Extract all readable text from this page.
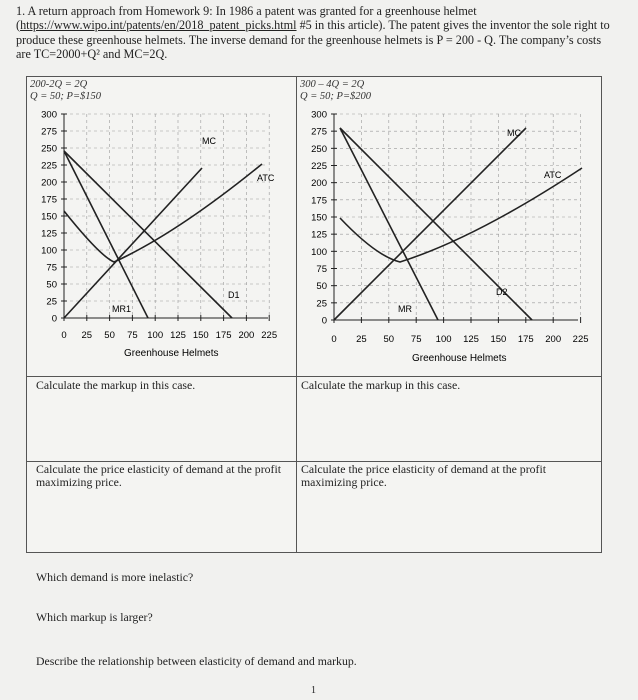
1. A return approach from Homework 9: In 1986 a patent was granted for a greenhouse helmet (https://www.wipo.int/patents/en/2018_patent_picks.html #5 in this article). The patent gives the inventor the sole right to produce these greenhouse helmets. The inverse demand for the greenhouse helmets is P = 200 - Q. The company’s costs are TC=2000+Q² and MC=2Q.
200-2Q = 2Q
Q = 50; P=$150
300 – 4Q = 2Q
Q = 50; P=$200
300
275
250
225
200
175
150
125
100
75
50
25
0
0 25 50 75 100 125 150 175 200 225
MC
ATC
D1
MR1
Greenhouse Helmets
300
275
250
225
200
175
150
125
100
75
50
25
0
0 25 50 75 100 125 150 175 200 225
MC
ATC
D2
MR
Greenhouse Helmets
Calculate the markup in this case.	Calculate the markup in this case.
Calculate the price elasticity of demand at the profit maximizing price.
Calculate the price elasticity of demand at the profit maximizing price.
Which demand is more inelastic?
Which markup is larger?
Describe the relationship between elasticity of demand and markup.
1
